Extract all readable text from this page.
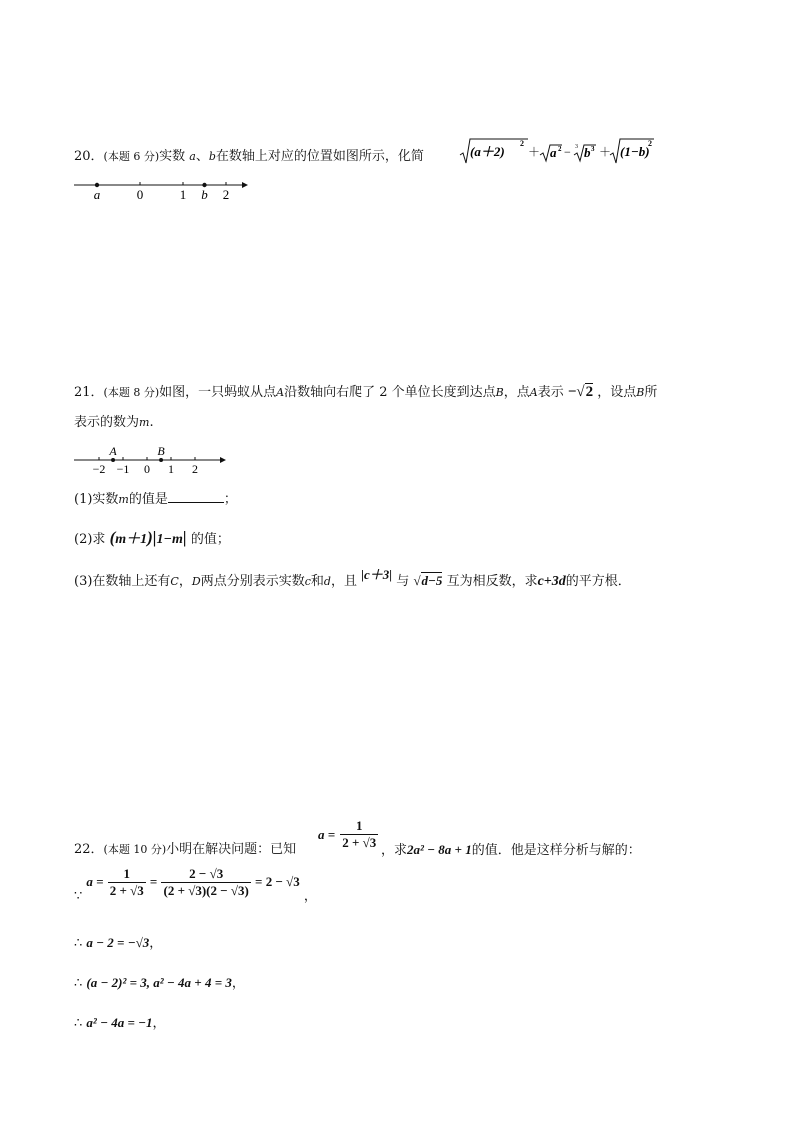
20．(本题 6 分)实数 a、b在数轴上对应的位置如图所示，化简	(a＋2)
2
＋ a 2 − 3 b 3 ＋ (1−b)
2
a	0	1 b 2
21．(本题 8 分)如图，一只蚂蚁从点A沿数轴向右爬了 2 个单位长度到达点B，点A表示 −√2 ，设点B所
表示的数为m.
−2 −1 0 1 2
A	B
(1)实数m的值是	；
(2)求 (m＋1)|1−m| 的值；
(3)在数轴上还有C，D两点分别表示实数c和d，且 |c＋3| 与 √d−5 互为相反数，求c+3d的平方根．
$a = \frac{1}{2 + √3}$
22．(本题 10 分)小明在解决问题：已知	，求2a² − 8a + 1的值．他是这样分析与解的：
∵ $a = \frac{1}{2 + √3} = \frac{2 - √3}{(2 + √3)(2 - √3)} = 2 - √3$ ，
∴ a − 2 = −√3，
∴ (a − 2)² = 3, a² − 4a + 4 = 3，
∴ a² − 4a = −1，
